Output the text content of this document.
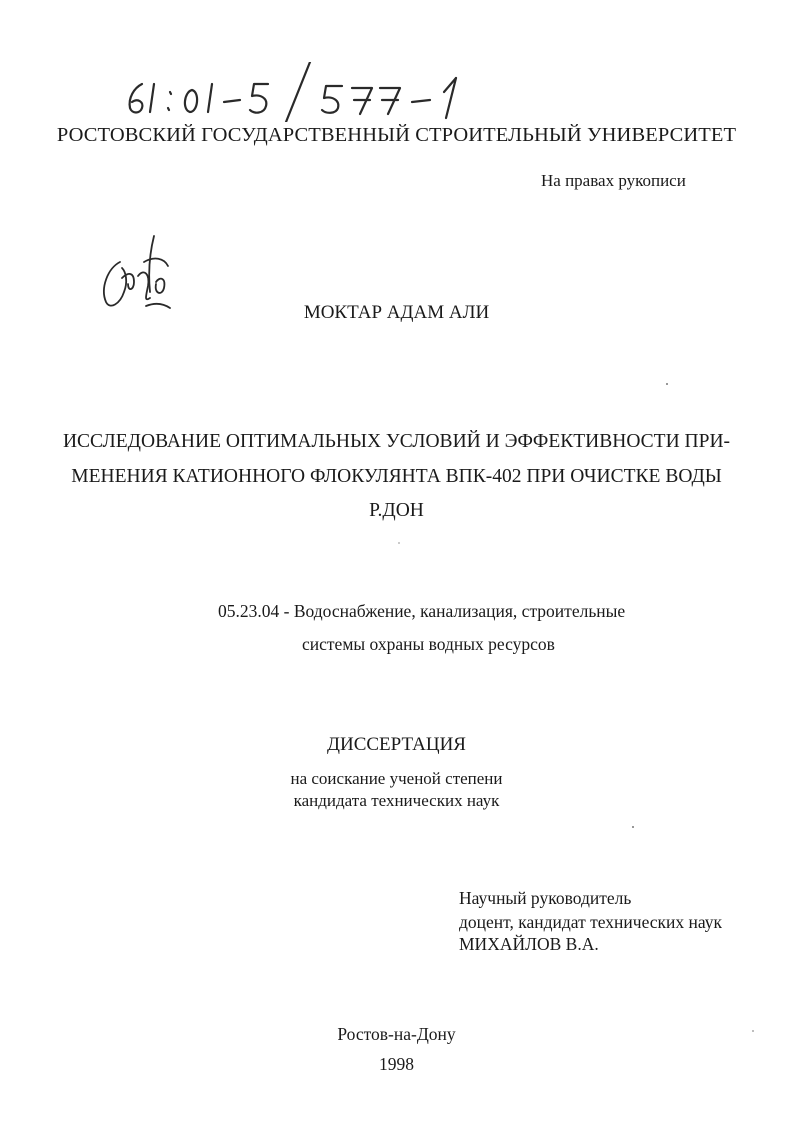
РОСТОВСКИЙ ГОСУДАРСТВЕННЫЙ СТРОИТЕЛЬНЫЙ УНИВЕРСИТЕТ
На правах рукописи
МОКТАР АДАМ АЛИ
ИССЛЕДОВАНИЕ ОПТИМАЛЬНЫХ УСЛОВИЙ И ЭФФЕКТИВНОСТИ ПРИ-
МЕНЕНИЯ КАТИОННОГО ФЛОКУЛЯНТА ВПК-402 ПРИ ОЧИСТКЕ ВОДЫ
Р.ДОН
05.23.04 - Водоснабжение, канализация, строительные
системы охраны водных ресурсов
ДИССЕРТАЦИЯ
на соискание ученой степени
кандидата технических наук
Научный руководитель
доцент, кандидат технических наук
МИХАЙЛОВ В.А.
Ростов-на-Дону
1998
